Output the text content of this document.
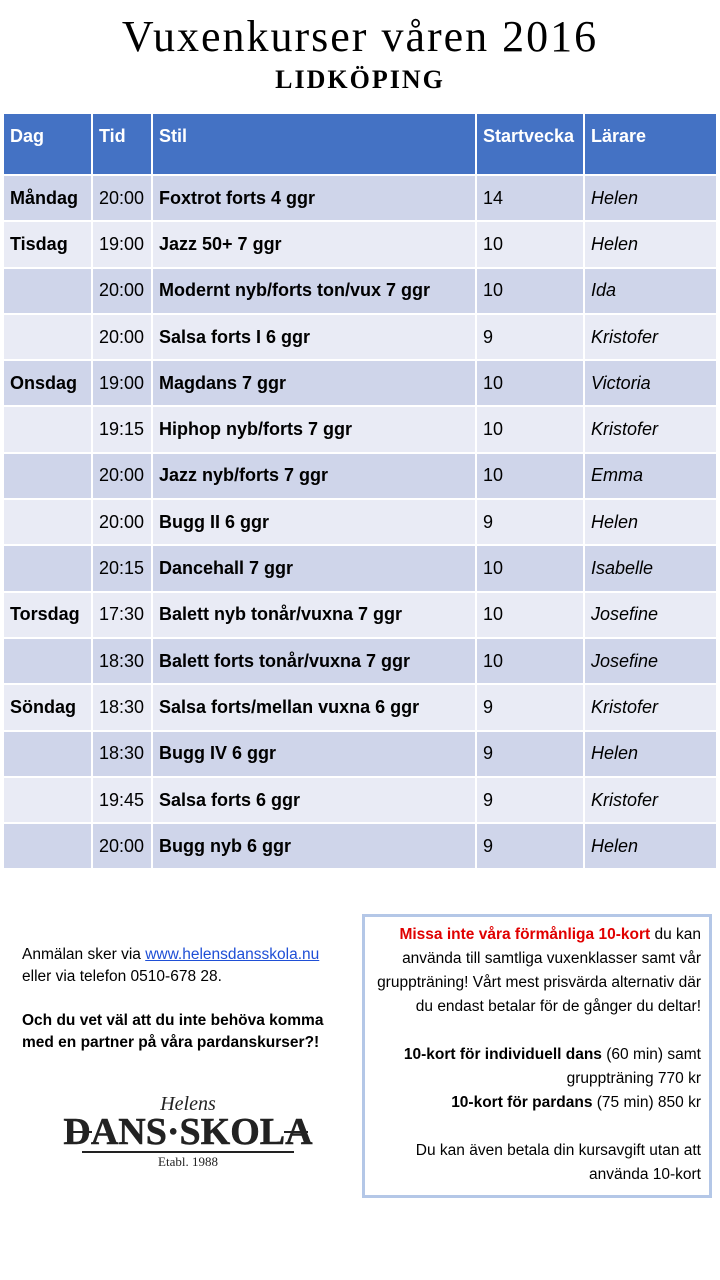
Vuxenkurser våren 2016
LIDKÖPING
Dag	Tid	Stil	Startvecka	Lärare
Måndag	20:00	Foxtrot forts 4 ggr	14	Helen
Tisdag	19:00	Jazz 50+ 7 ggr	10	Helen
	20:00	Modernt nyb/forts ton/vux 7 ggr	10	Ida
	20:00	Salsa forts I 6 ggr	9	Kristofer
Onsdag	19:00	Magdans 7 ggr	10	Victoria
	19:15	Hiphop nyb/forts 7 ggr	10	Kristofer
	20:00	Jazz nyb/forts 7 ggr	10	Emma
	20:00	Bugg II 6 ggr	9	Helen
	20:15	Dancehall 7 ggr	10	Isabelle
Torsdag	17:30	Balett nyb tonår/vuxna 7 ggr	10	Josefine
	18:30	Balett forts tonår/vuxna 7 ggr	10	Josefine
Söndag	18:30	Salsa forts/mellan vuxna 6 ggr	9	Kristofer
	18:30	Bugg IV 6 ggr	9	Helen
	19:45	Salsa forts 6 ggr	9	Kristofer
	20:00	Bugg nyb 6 ggr	9	Helen
Anmälan sker via www.helensdansskola.nu
eller via telefon 0510-678 28.
Och du vet väl att du inte behöva komma med en partner på våra pardanskurser?!
Helens
DANS·SKOLA
Etabl. 1988

Missa inte våra förmånliga 10-kort du kan använda till samtliga vuxenklasser samt vår gruppträning! Vårt mest prisvärda alternativ där du endast betalar för de gånger du deltar!

10-kort för individuell dans (60 min) samt gruppträning 770 kr

10-kort för pardans (75 min) 850 kr

Du kan även betala din kursavgift utan att använda 10-kort
